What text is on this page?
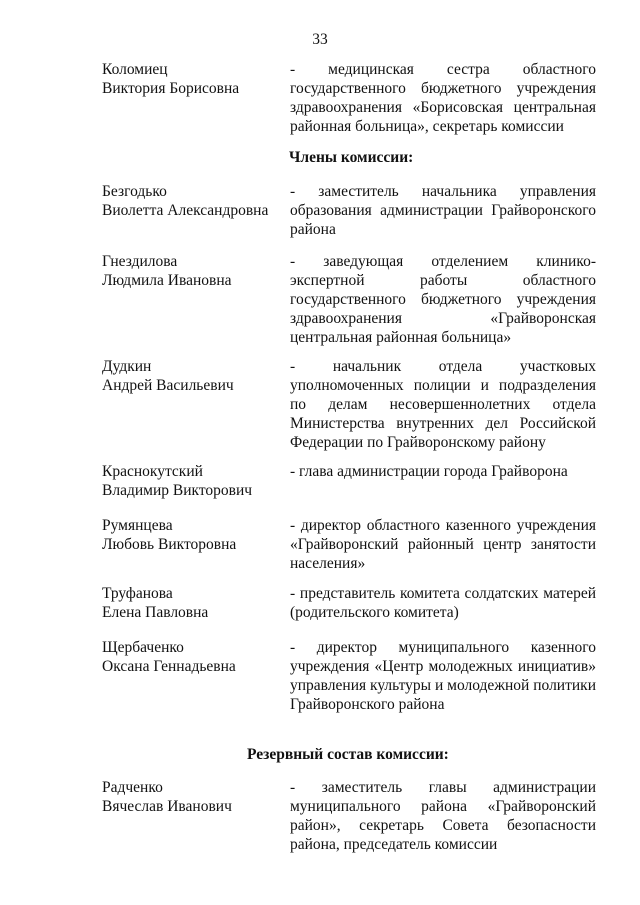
33
Коломиец
Виктория Борисовна
- медицинская сестра областного
государственного бюджетного учреждения
здравоохранения «Борисовская центральная
районная больница», секретарь комиссии
Члены комиссии:
Безгодько
Виолетта Александровна
- заместитель начальника управления
образования администрации Грайворонского
района
Гнездилова
Людмила Ивановна
- заведующая отделением клинико-
экспертной работы областного
государственного бюджетного учреждения
здравоохранения «Грайворонская
центральная районная больница»
Дудкин
Андрей Васильевич
- начальник отдела участковых
уполномоченных полиции и подразделения
по делам несовершеннолетних отдела
Министерства внутренних дел Российской
Федерации по Грайворонскому району
Краснокутский
Владимир Викторович
- глава администрации города Грайворона
Румянцева
Любовь Викторовна
- директор областного казенного учреждения
«Грайворонский районный центр занятости
населения»
Труфанова
Елена Павловна
- представитель комитета солдатских матерей
(родительского комитета)
Щербаченко
Оксана Геннадьевна
- директор муниципального казенного
учреждения «Центр молодежных инициатив»
управления культуры и молодежной политики
Грайворонского района
Резервный состав комиссии:
Радченко
Вячеслав Иванович
- заместитель главы администрации
муниципального района «Грайворонский
район», секретарь Совета безопасности
района, председатель комиссии
